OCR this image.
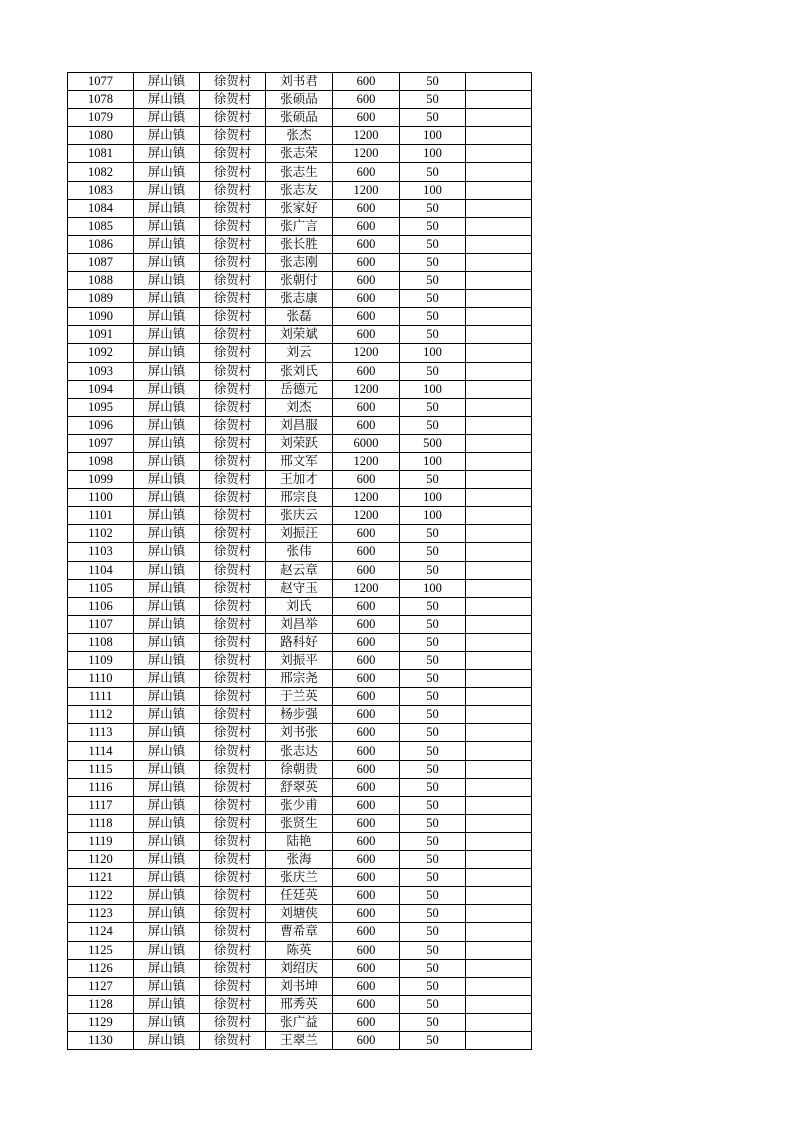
1077	屏山镇	徐贺村	刘书君	600	50	
1078	屏山镇	徐贺村	张硕品	600	50	
1079	屏山镇	徐贺村	张硕品	600	50	
1080	屏山镇	徐贺村	张杰	1200	100	
1081	屏山镇	徐贺村	张志荣	1200	100	
1082	屏山镇	徐贺村	张志生	600	50	
1083	屏山镇	徐贺村	张志友	1200	100	
1084	屏山镇	徐贺村	张家好	600	50	
1085	屏山镇	徐贺村	张广言	600	50	
1086	屏山镇	徐贺村	张长胜	600	50	
1087	屏山镇	徐贺村	张志刚	600	50	
1088	屏山镇	徐贺村	张朝付	600	50	
1089	屏山镇	徐贺村	张志康	600	50	
1090	屏山镇	徐贺村	张磊	600	50	
1091	屏山镇	徐贺村	刘荣斌	600	50	
1092	屏山镇	徐贺村	刘云	1200	100	
1093	屏山镇	徐贺村	张刘氏	600	50	
1094	屏山镇	徐贺村	岳德元	1200	100	
1095	屏山镇	徐贺村	刘杰	600	50	
1096	屏山镇	徐贺村	刘昌服	600	50	
1097	屏山镇	徐贺村	刘荣跃	6000	500	
1098	屏山镇	徐贺村	邢文军	1200	100	
1099	屏山镇	徐贺村	王加才	600	50	
1100	屏山镇	徐贺村	邢宗良	1200	100	
1101	屏山镇	徐贺村	张庆云	1200	100	
1102	屏山镇	徐贺村	刘振汪	600	50	
1103	屏山镇	徐贺村	张伟	600	50	
1104	屏山镇	徐贺村	赵云章	600	50	
1105	屏山镇	徐贺村	赵守玉	1200	100	
1106	屏山镇	徐贺村	刘氏	600	50	
1107	屏山镇	徐贺村	刘昌举	600	50	
1108	屏山镇	徐贺村	路科好	600	50	
1109	屏山镇	徐贺村	刘振平	600	50	
1110	屏山镇	徐贺村	邢宗尧	600	50	
1111	屏山镇	徐贺村	于兰英	600	50	
1112	屏山镇	徐贺村	杨步强	600	50	
1113	屏山镇	徐贺村	刘书张	600	50	
1114	屏山镇	徐贺村	张志达	600	50	
1115	屏山镇	徐贺村	徐朝贵	600	50	
1116	屏山镇	徐贺村	舒翠英	600	50	
1117	屏山镇	徐贺村	张少甫	600	50	
1118	屏山镇	徐贺村	张贤生	600	50	
1119	屏山镇	徐贺村	陆艳	600	50	
1120	屏山镇	徐贺村	张海	600	50	
1121	屏山镇	徐贺村	张庆兰	600	50	
1122	屏山镇	徐贺村	任廷英	600	50	
1123	屏山镇	徐贺村	刘塘侠	600	50	
1124	屏山镇	徐贺村	曹希章	600	50	
1125	屏山镇	徐贺村	陈英	600	50	
1126	屏山镇	徐贺村	刘绍庆	600	50	
1127	屏山镇	徐贺村	刘书坤	600	50	
1128	屏山镇	徐贺村	邢秀英	600	50	
1129	屏山镇	徐贺村	张广益	600	50	
1130	屏山镇	徐贺村	王翠兰	600	50	
